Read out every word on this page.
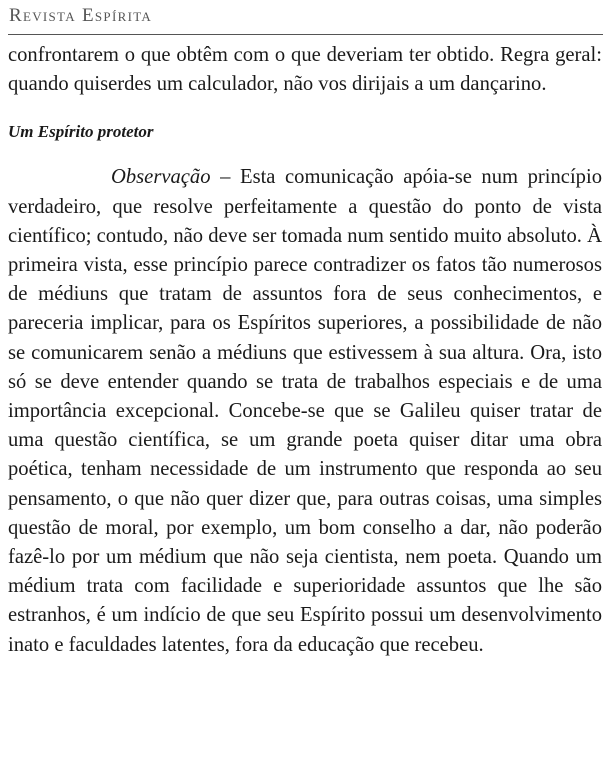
Revista Espírita

confrontarem o que obtêm com o que deveriam ter obtido. Regra geral: quando quiserdes um calculador, não vos dirijais a um dançarino.

Um Espírito protetor

Observação – Esta comunicação apóia-se num princípio verdadeiro, que resolve perfeitamente a questão do ponto de vista científico; contudo, não deve ser tomada num sentido muito absoluto. À primeira vista, esse princípio parece contradizer os fatos tão numerosos de médiuns que tratam de assuntos fora de seus conhecimentos, e pareceria implicar, para os Espíritos superiores, a possibilidade de não se comunicarem senão a médiuns que estivessem à sua altura. Ora, isto só se deve entender quando se trata de trabalhos especiais e de uma importância excepcional. Concebe-se que se Galileu quiser tratar de uma questão científica, se um grande poeta quiser ditar uma obra poética, tenham necessidade de um instrumento que responda ao seu pensamento, o que não quer dizer que, para outras coisas, uma simples questão de moral, por exemplo, um bom conselho a dar, não poderão fazê-lo por um médium que não seja cientista, nem poeta. Quando um médium trata com facilidade e superioridade assuntos que lhe são estranhos, é um indício de que seu Espírito possui um desenvolvimento inato e faculdades latentes, fora da educação que recebeu.
